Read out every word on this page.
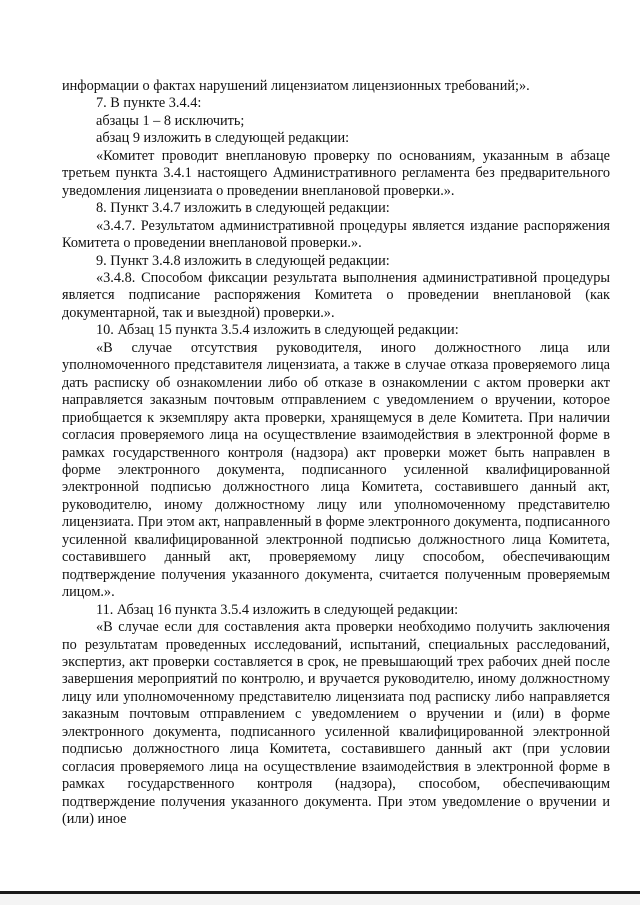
информации о фактах нарушений лицензиатом лицензионных требований;».

7. В пункте 3.4.4:

абзацы 1 – 8 исключить;

абзац 9 изложить в следующей редакции:

«Комитет проводит внеплановую проверку по основаниям, указанным в абзаце третьем пункта 3.4.1 настоящего Административного регламента без предварительного уведомления лицензиата о проведении внеплановой проверки.».

8. Пункт 3.4.7 изложить в следующей редакции:

«3.4.7. Результатом административной процедуры является издание распоряжения Комитета о проведении внеплановой проверки.».

9. Пункт 3.4.8 изложить в следующей редакции:

«3.4.8. Способом фиксации результата выполнения административной процедуры является подписание распоряжения Комитета о проведении внеплановой (как документарной, так и выездной) проверки.».

10. Абзац 15 пункта 3.5.4 изложить в следующей редакции:

«В случае отсутствия руководителя, иного должностного лица или уполномоченного представителя лицензиата, а также в случае отказа проверяемого лица дать расписку об ознакомлении либо об отказе в ознакомлении с актом проверки акт направляется заказным почтовым отправлением с уведомлением о вручении, которое приобщается к экземпляру акта проверки, хранящемуся в деле Комитета. При наличии согласия проверяемого лица на осуществление взаимодействия в электронной форме в рамках государственного контроля (надзора) акт проверки может быть направлен в форме электронного документа, подписанного усиленной квалифицированной электронной подписью должностного лица Комитета, составившего данный акт, руководителю, иному должностному лицу или уполномоченному представителю лицензиата. При этом акт, направленный в форме электронного документа, подписанного усиленной квалифицированной электронной подписью должностного лица Комитета, составившего данный акт, проверяемому лицу способом, обеспечивающим подтверждение получения указанного документа, считается полученным проверяемым лицом.».

11. Абзац 16 пункта 3.5.4 изложить в следующей редакции:

«В случае если для составления акта проверки необходимо получить заключения по результатам проведенных исследований, испытаний, специальных расследований, экспертиз, акт проверки составляется в срок, не превышающий трех рабочих дней после завершения мероприятий по контролю, и вручается руководителю, иному должностному лицу или уполномоченному представителю лицензиата под расписку либо направляется заказным почтовым отправлением с уведомлением о вручении и (или) в форме электронного документа, подписанного усиленной квалифицированной электронной подписью должностного лица Комитета, составившего данный акт (при условии согласия проверяемого лица на осуществление взаимодействия в электронной форме в рамках государственного контроля (надзора), способом, обеспечивающим подтверждение получения указанного документа. При этом уведомление о вручении и (или) иное
